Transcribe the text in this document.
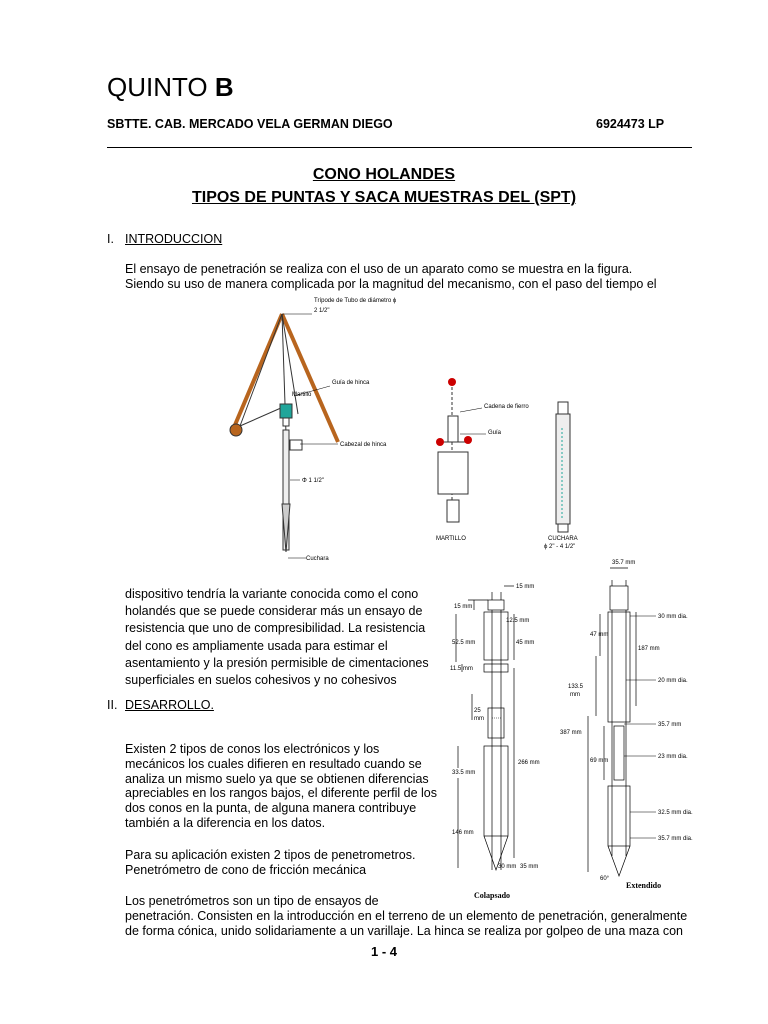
QUINTO B
SBTTE. CAB. MERCADO VELA GERMAN DIEGO	6924473 LP
CONO HOLANDES
TIPOS DE PUNTAS Y SACA MUESTRAS DEL (SPT)
I. INTRODUCCION
El ensayo de penetración se realiza con el uso de un aparato como se muestra en la figura.
Siendo su uso de manera complicada por la magnitud del mecanismo, con el paso del tiempo el
Trípode de Tubo de diámetro ϕ
2 1/2"
Guía de hinca
Martillo
Cabezal de hinca
Φ 1 1/2"
Cuchara
Cadena de fierro
Guía
MARTILLO	CUCHARA
ϕ 2" - 4 1/2"
dispositivo tendría la variante conocida como el cono
holandés que se puede considerar más un ensayo de
resistencia que uno de compresibilidad. La resistencia
del cono es ampliamente usada para estimar el
asentamiento y la presión permisible de cimentaciones
superficiales en suelos cohesivos y no cohesivos
II. DESARROLLO.
Existen 2 tipos de conos los electrónicos y los
mecánicos los cuales difieren en resultado cuando se
analiza un mismo suelo ya que se obtienen diferencias
apreciables en los rangos bajos, el diferente perfil de los
dos conos en la punta, de alguna manera contribuye
también a la diferencia en los datos.
Para su aplicación existen 2 tipos de penetrometros.
Penetrómetro de cono de fricción mecánica
15 mm
15 mm
12.5 mm
52.5 mm	45 mm
11.5 mm
25
mm
266 mm
33.5 mm
146 mm
30 mm 35 mm
Colapsado
35.7 mm
30 mm dia.
47 mm
187 mm
20 mm dia.
133.5
mm
35.7 mm
387 mm
23 mm dia.
69 mm
32.5 mm dia.
35.7 mm dia.
60°
Extendido
Los penetrómetros son un tipo de ensayos de
penetración. Consisten en la introducción en el terreno de un elemento de penetración, generalmente
de forma cónica, unido solidariamente a un varillaje. La hinca se realiza por golpeo de una maza con
1 - 4
